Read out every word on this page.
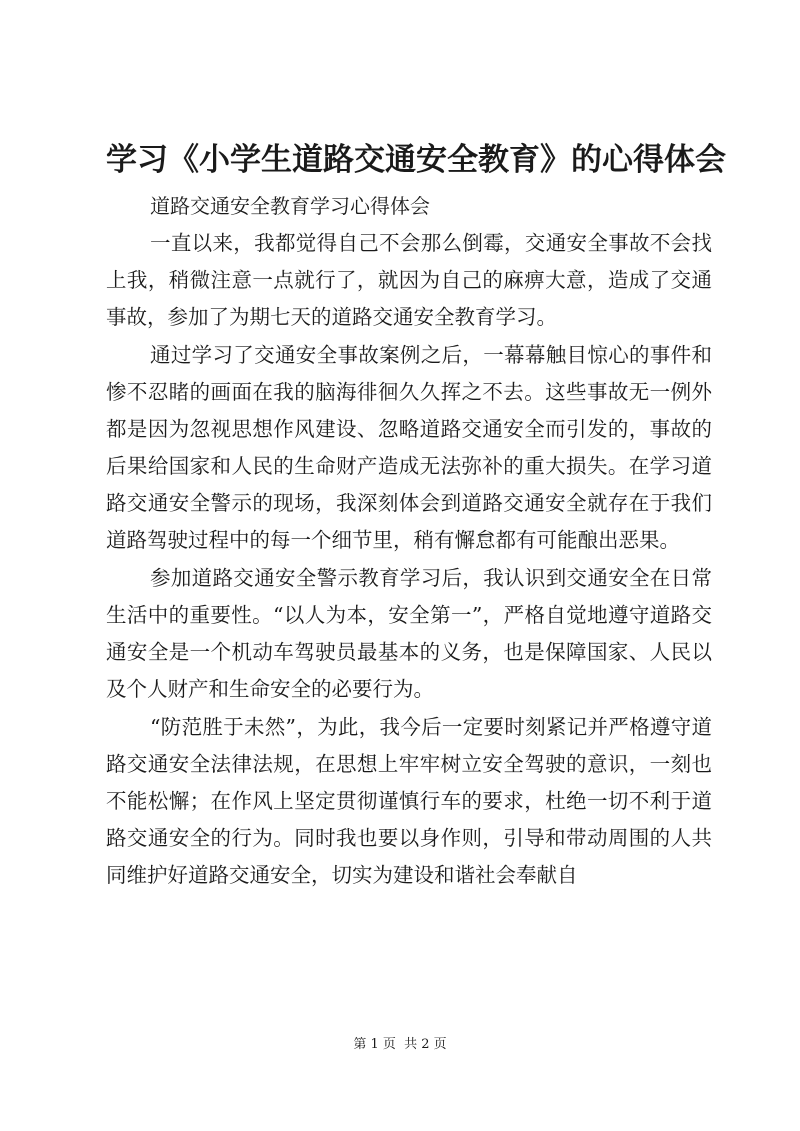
学习《小学生道路交通安全教育》的心得体会

道路交通安全教育学习心得体会

一直以来，我都觉得自己不会那么倒霉，交通安全事故不会找上我，稍微注意一点就行了，就因为自己的麻痹大意，造成了交通事故，参加了为期七天的道路交通安全教育学习。

通过学习了交通安全事故案例之后，一幕幕触目惊心的事件和惨不忍睹的画面在我的脑海徘徊久久挥之不去。这些事故无一例外都是因为忽视思想作风建设、忽略道路交通安全而引发的，事故的后果给国家和人民的生命财产造成无法弥补的重大损失。在学习道路交通安全警示的现场，我深刻体会到道路交通安全就存在于我们道路驾驶过程中的每一个细节里，稍有懈怠都有可能酿出恶果。

参加道路交通安全警示教育学习后，我认识到交通安全在日常生活中的重要性。“以人为本，安全第一”，严格自觉地遵守道路交通安全是一个机动车驾驶员最基本的义务，也是保障国家、人民以及个人财产和生命安全的必要行为。

“防范胜于未然”，为此，我今后一定要时刻紧记并严格遵守道路交通安全法律法规，在思想上牢牢树立安全驾驶的意识，一刻也不能松懈；在作风上坚定贯彻谨慎行车的要求，杜绝一切不利于道路交通安全的行为。同时我也要以身作则，引导和带动周围的人共同维护好道路交通安全，切实为建设和谐社会奉献自

第 1 页 共 2 页
